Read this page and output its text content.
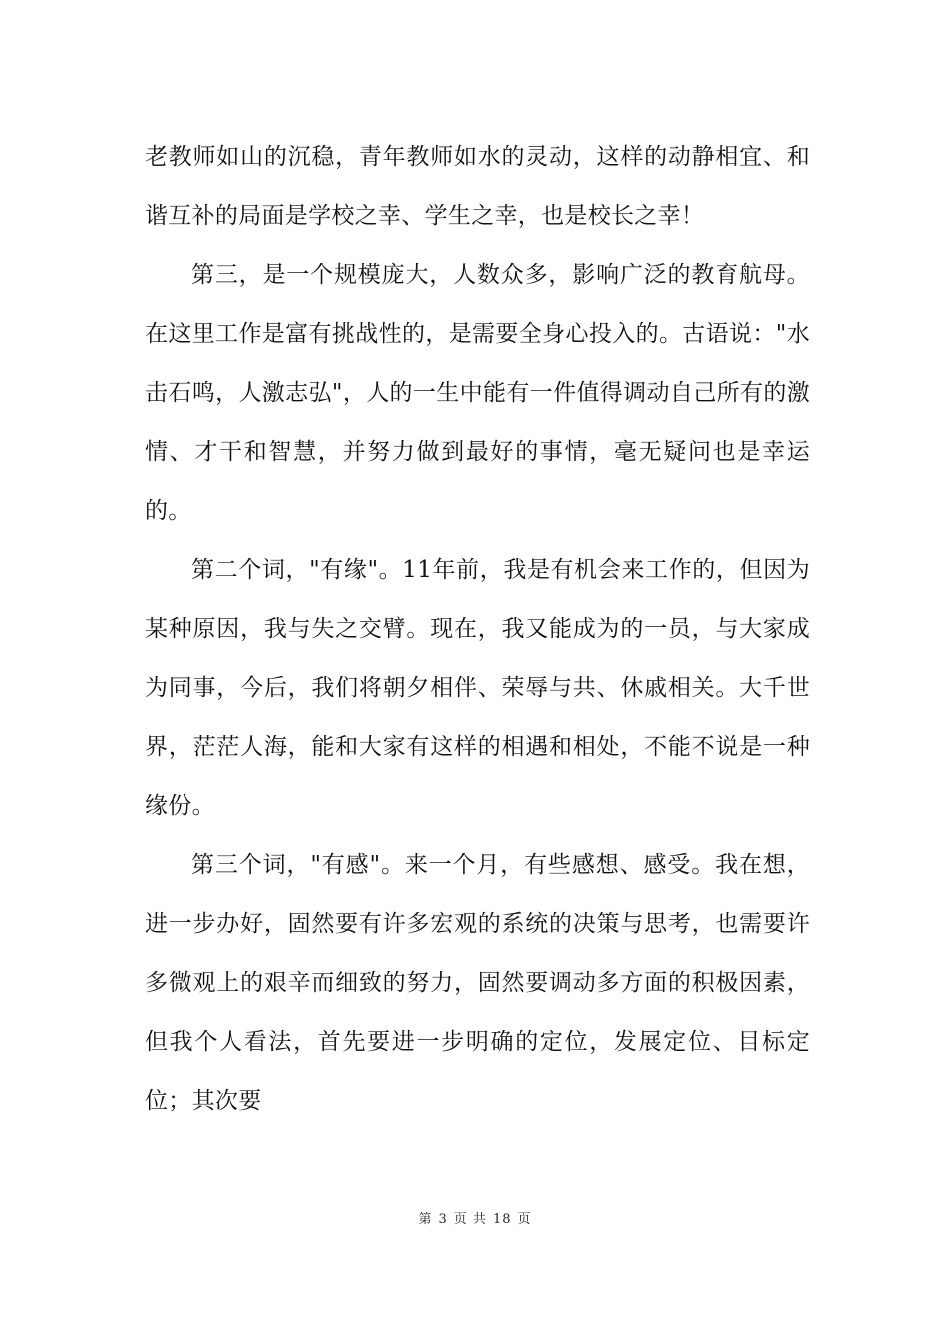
老教师如山的沉稳，青年教师如水的灵动，这样的动静相宜、和谐互补的局面是学校之幸、学生之幸，也是校长之幸！

第三，是一个规模庞大，人数众多，影响广泛的教育航母。在这里工作是富有挑战性的，是需要全身心投入的。古语说："水击石鸣，人激志弘"，人的一生中能有一件值得调动自己所有的激情、才干和智慧，并努力做到最好的事情，毫无疑问也是幸运的。

第二个词，"有缘"。11年前，我是有机会来工作的，但因为某种原因，我与失之交臂。现在，我又能成为的一员，与大家成为同事，今后，我们将朝夕相伴、荣辱与共、休戚相关。大千世界，茫茫人海，能和大家有这样的相遇和相处，不能不说是一种缘份。

第三个词，"有感"。来一个月，有些感想、感受。我在想，进一步办好，固然要有许多宏观的系统的决策与思考，也需要许多微观上的艰辛而细致的努力，固然要调动多方面的积极因素，但我个人看法，首先要进一步明确的定位，发展定位、目标定位；其次要

第 3 页 共 18 页
